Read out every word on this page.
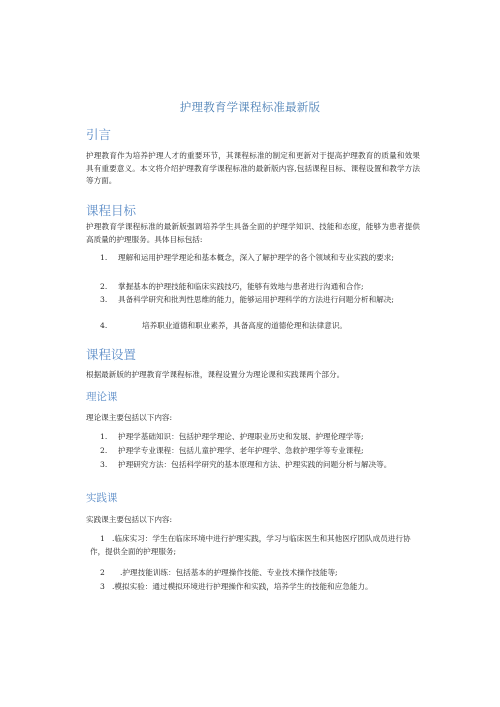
护理教育学课程标准最新版
引言
护理教育作为培养护理人才的重要环节，其课程标准的制定和更新对于提高护理教育的质量和效果具有重要意义。本文将介绍护理教育学课程标准的最新版内容,包括课程目标、课程设置和教学方法等方面。
课程目标
护理教育学课程标准的最新版强调培养学生具备全面的护理学知识、技能和态度，能够为患者提供高质量的护理服务。具体目标包括:
1. 理解和运用护理学理论和基本概念，深入了解护理学的各个领域和专业实践的要求;
2. 掌握基本的护理技能和临床实践技巧，能够有效地与患者进行沟通和合作;
3. 具备科学研究和批判性思维的能力，能够运用护理科学的方法进行问题分析和解决;
4.	培养职业道德和职业素养，具备高度的道德伦理和法律意识。
课程设置
根据最新版的护理教育学课程标准，课程设置分为理论课和实践课两个部分。
理论课
理论课主要包括以下内容:
1. 护理学基础知识：包括护理学理论、护理职业历史和发展、护理伦理学等;
2. 护理学专业课程：包括儿童护理学、老年护理学、急救护理学等专业课程;
3. 护理研究方法：包括科学研究的基本原理和方法、护理实践的问题分析与解决等。
实践课
实践课主要包括以下内容:
1 .临床实习：学生在临床环境中进行护理实践，学习与临床医生和其他医疗团队成员进行协作，提供全面的护理服务;
2 .护理技能训练：包括基本的护理操作技能、专业技术操作技能等;
3 .模拟实验：通过模拟环境进行护理操作和实践，培养学生的技能和应急能力。
